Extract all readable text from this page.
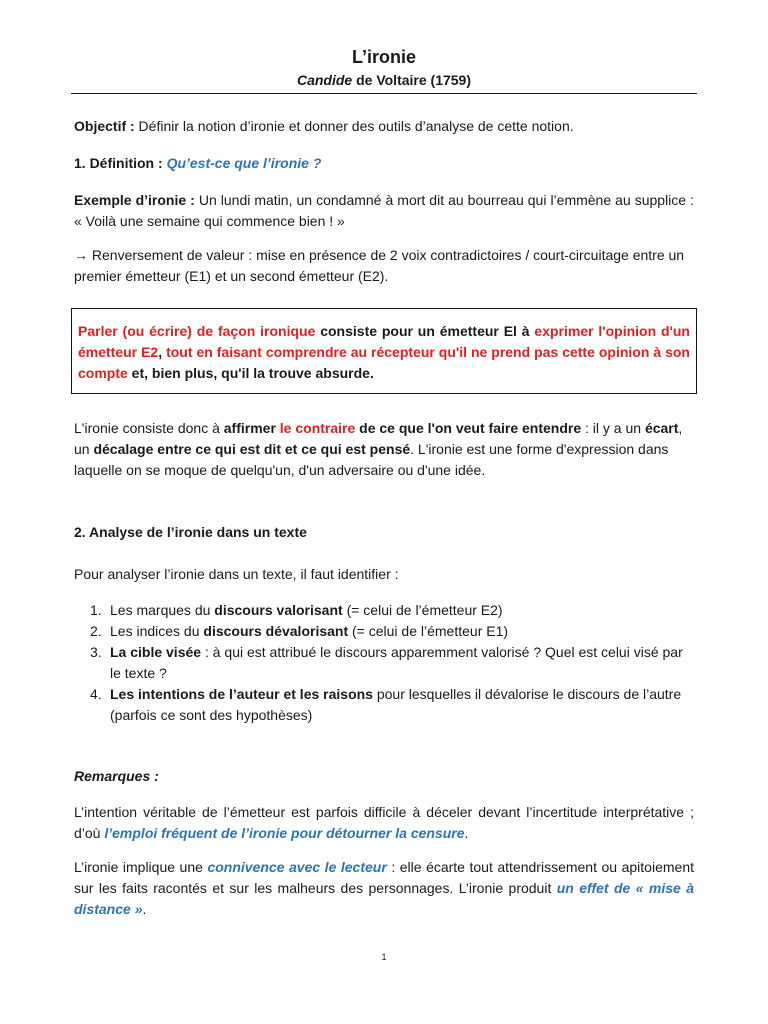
L’ironie
Candide de Voltaire (1759)
Objectif : Définir la notion d’ironie et donner des outils d’analyse de cette notion.
1. Définition : Qu’est-ce que l’ironie ?
Exemple d’ironie : Un lundi matin, un condamné à mort dit au bourreau qui l’emmène au supplice : « Voilà une semaine qui commence bien ! »
→ Renversement de valeur : mise en présence de 2 voix contradictoires / court-circuitage entre un premier émetteur (E1) et un second émetteur (E2).
Parler (ou écrire) de façon ironique consiste pour un émetteur El à exprimer l'opinion d'un émetteur E2, tout en faisant comprendre au récepteur qu'il ne prend pas cette opinion à son compte et, bien plus, qu'il la trouve absurde.
L'ironie consiste donc à affirmer le contraire de ce que l'on veut faire entendre : il y a un écart, un décalage entre ce qui est dit et ce qui est pensé. L'ironie est une forme d'expression dans laquelle on se moque de quelqu'un, d'un adversaire ou d'une idée.
2. Analyse de l’ironie dans un texte
Pour analyser l’ironie dans un texte, il faut identifier :
1. Les marques du discours valorisant (= celui de l’émetteur E2)
2. Les indices du discours dévalorisant (= celui de l’émetteur E1)
3. La cible visée : à qui est attribué le discours apparemment valorisé ? Quel est celui visé par le texte ?
4. Les intentions de l’auteur et les raisons pour lesquelles il dévalorise le discours de l’autre (parfois ce sont des hypothèses)
Remarques :
L’intention véritable de l’émetteur est parfois difficile à déceler devant l’incertitude interprétative ; d’où l’emploi fréquent de l’ironie pour détourner la censure.
L’ironie implique une connivence avec le lecteur : elle écarte tout attendrissement ou apitoiement sur les faits racontés et sur les malheurs des personnages. L’ironie produit un effet de « mise à distance ».
1
